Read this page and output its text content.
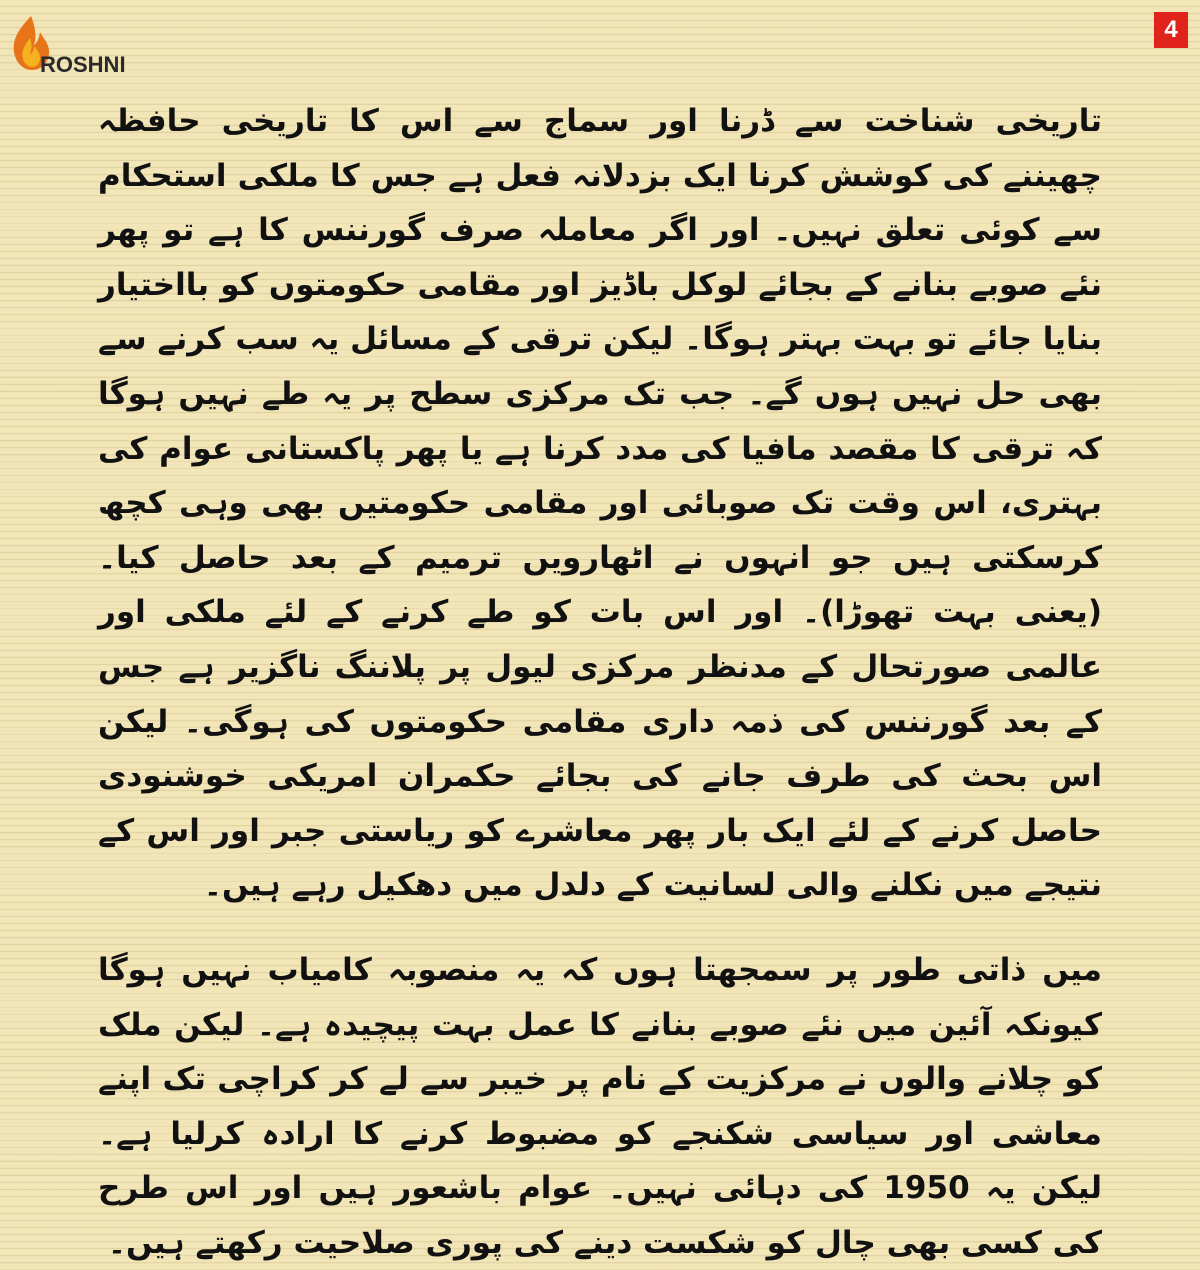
ROSHNI
4

تاریخی شناخت سے ڈرنا اور سماج سے اس کا تاریخی حافظہ چھیننے کی کوشش کرنا ایک بزدلانہ فعل ہے جس کا ملکی استحکام سے کوئی تعلق نہیں۔ اور اگر معاملہ صرف گورننس کا ہے تو پھر نئے صوبے بنانے کے بجائے لوکل باڈیز اور مقامی حکومتوں کو بااختیار بنایا جائے تو بہت بہتر ہوگا۔ لیکن ترقی کے مسائل یہ سب کرنے سے بھی حل نہیں ہوں گے۔ جب تک مرکزی سطح پر یہ طے نہیں ہوگا کہ ترقی کا مقصد مافیا کی مدد کرنا ہے یا پھر پاکستانی عوام کی بہتری، اس وقت تک صوبائی اور مقامی حکومتیں بھی وہی کچھ کرسکتی ہیں جو انہوں نے اٹھارویں ترمیم کے بعد حاصل کیا۔ (یعنی بہت تھوڑا)۔ اور اس بات کو طے کرنے کے لئے ملکی اور عالمی صورتحال کے مدنظر مرکزی لیول پر پلاننگ ناگزیر ہے جس کے بعد گورننس کی ذمہ داری مقامی حکومتوں کی ہوگی۔ لیکن اس بحث کی طرف جانے کی بجائے حکمران امریکی خوشنودی حاصل کرنے کے لئے ایک بار پھر معاشرے کو ریاستی جبر اور اس کے نتیجے میں نکلنے والی لسانیت کے دلدل میں دھکیل رہے ہیں۔

میں ذاتی طور پر سمجھتا ہوں کہ یہ منصوبہ کامیاب نہیں ہوگا کیونکہ آئین میں نئے صوبے بنانے کا عمل بہت پیچیدہ ہے۔ لیکن ملک کو چلانے والوں نے مرکزیت کے نام پر خیبر سے لے کر کراچی تک اپنے معاشی اور سیاسی شکنجے کو مضبوط کرنے کا ارادہ کرلیا ہے۔ لیکن یہ 1950 کی دہائی نہیں۔ عوام باشعور ہیں اور اس طرح کی کسی بھی چال کو شکست دینے کی پوری صلاحیت رکھتے ہیں۔
